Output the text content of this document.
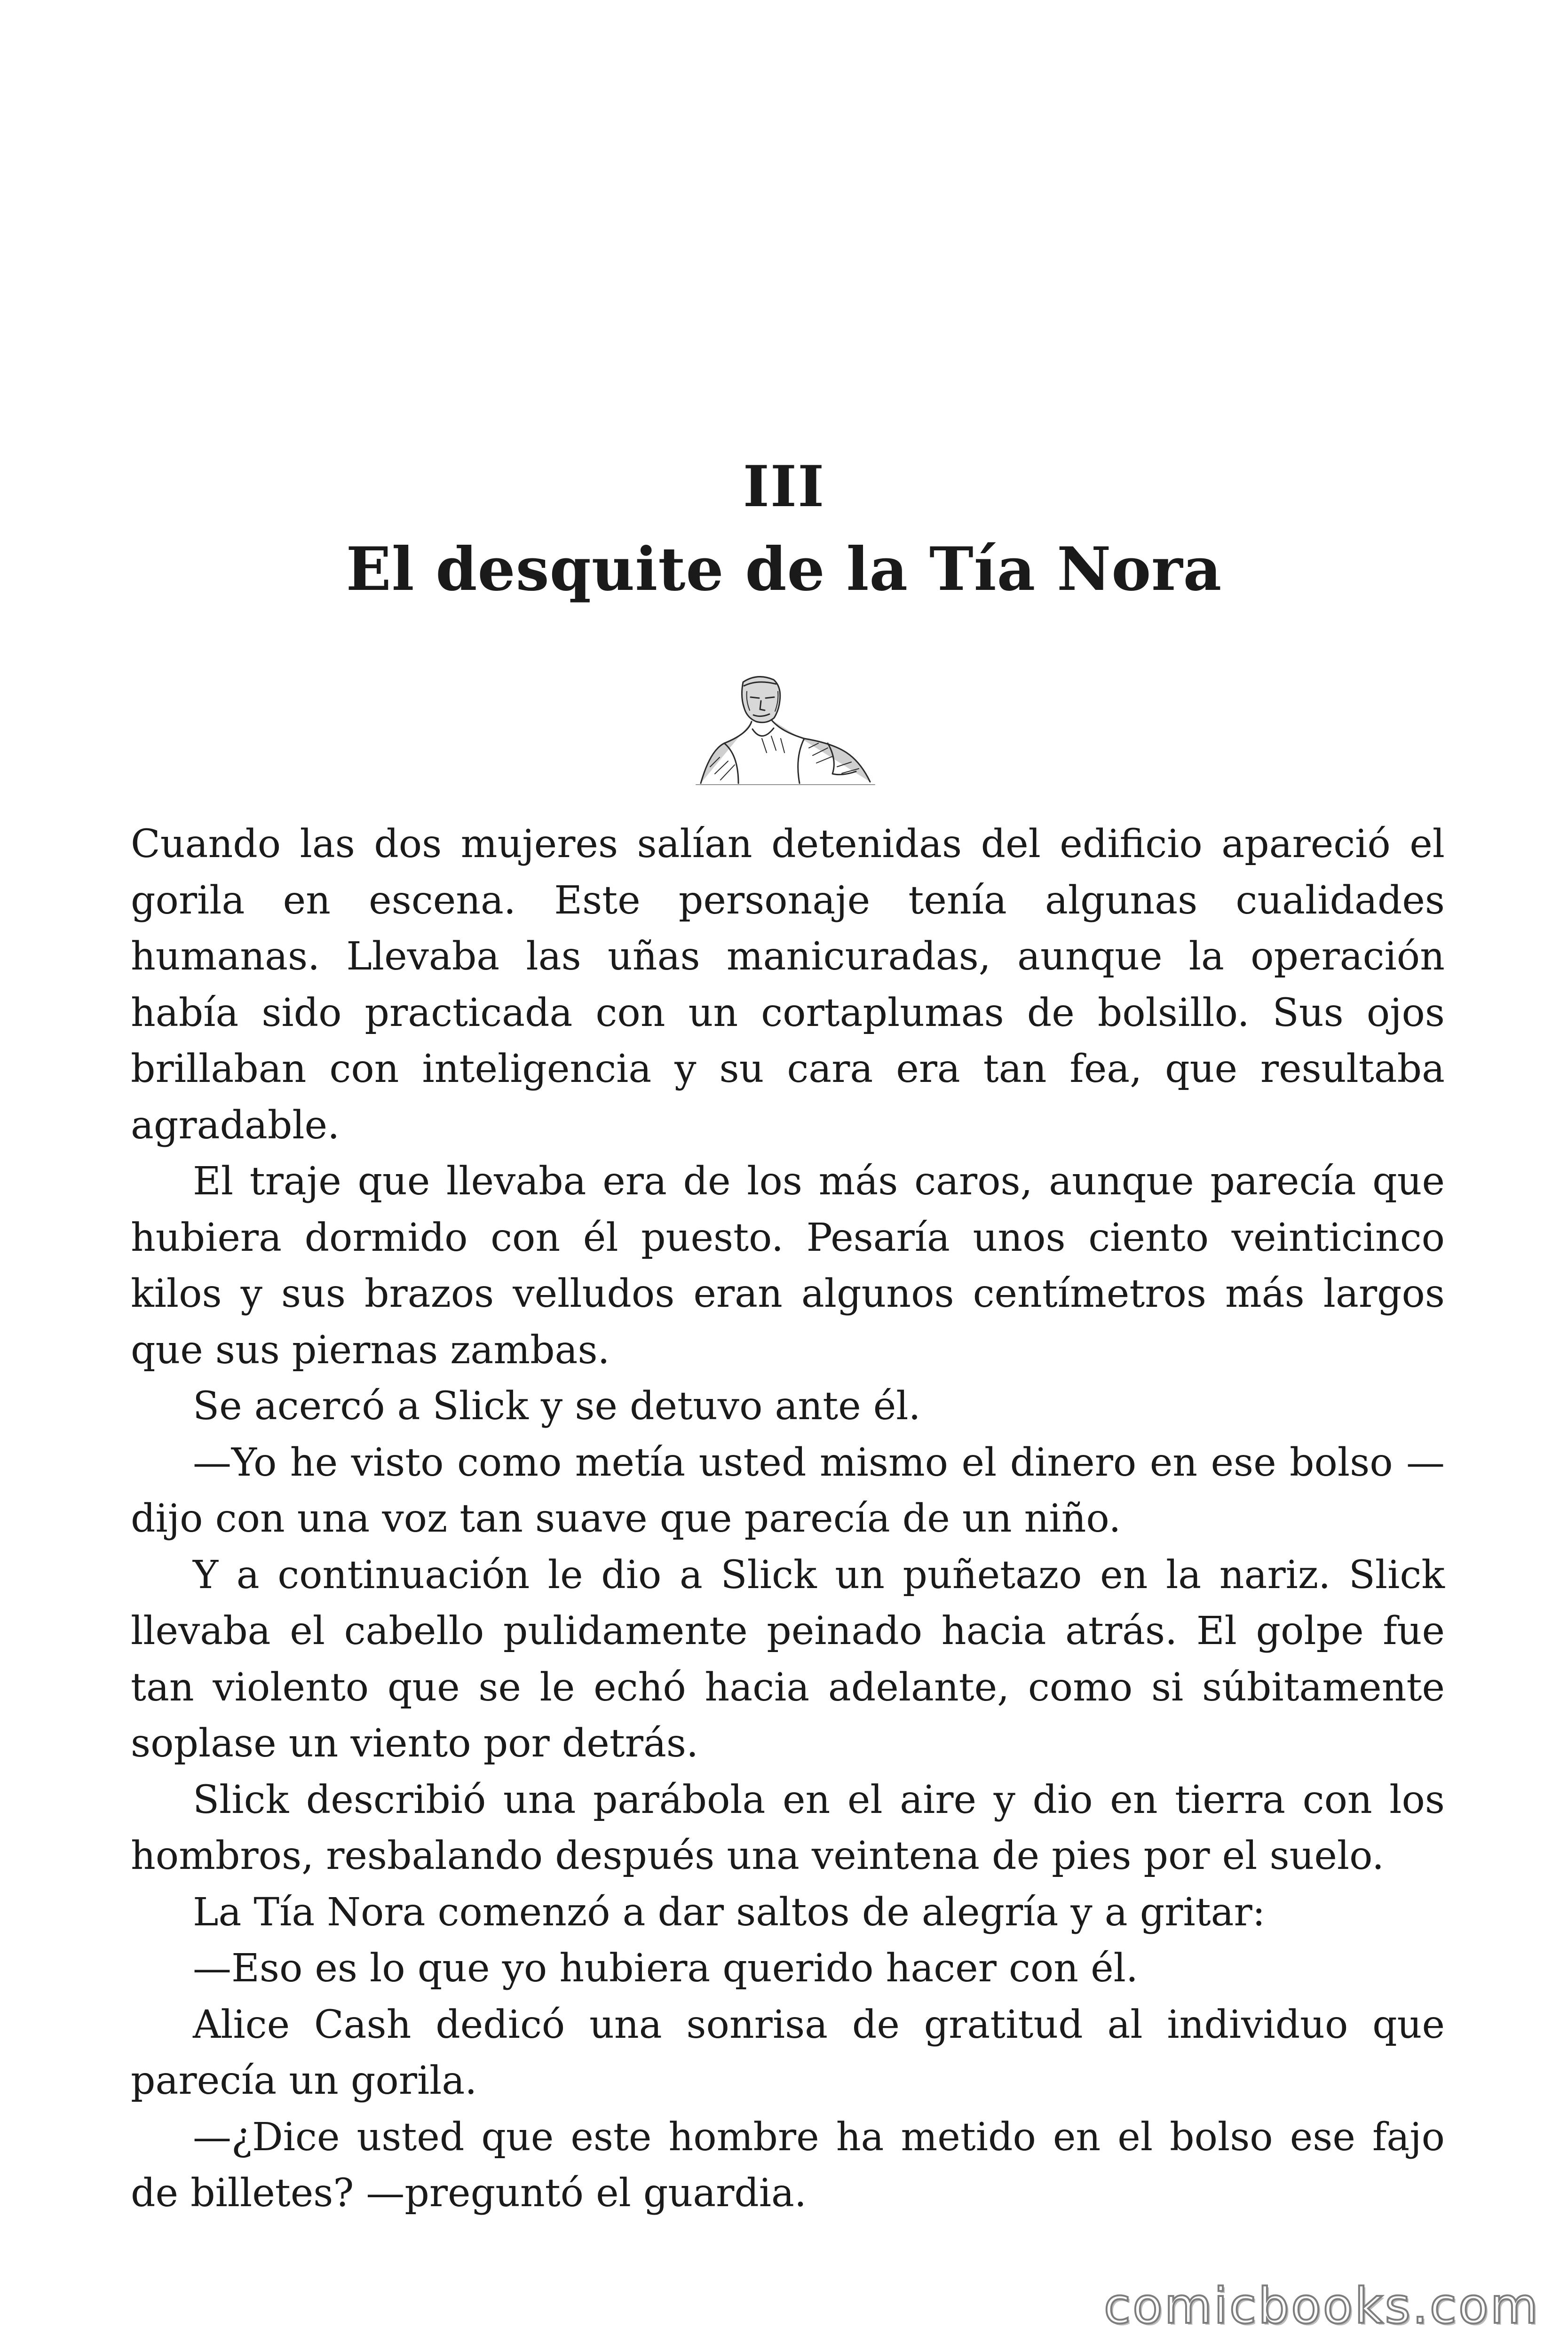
III
El desquite de la Tía Nora

Cuando las dos mujeres salían detenidas del edificio apareció el gorila en escena. Este personaje tenía algunas cualidades humanas. Llevaba las uñas manicuradas, aunque la operación había sido practicada con un cortaplumas de bolsillo. Sus ojos brillaban con inteligencia y su cara era tan fea, que resultaba agradable.

El traje que llevaba era de los más caros, aunque parecía que hubiera dormido con él puesto. Pesaría unos ciento veinticinco kilos y sus brazos velludos eran algunos centímetros más largos que sus piernas zambas.

Se acercó a Slick y se detuvo ante él.

—Yo he visto como metía usted mismo el dinero en ese bolso —dijo con una voz tan suave que parecía de un niño.

Y a continuación le dio a Slick un puñetazo en la nariz. Slick llevaba el cabello pulidamente peinado hacia atrás. El golpe fue tan violento que se le echó hacia adelante, como si súbitamente soplase un viento por detrás.

Slick describió una parábola en el aire y dio en tierra con los hombros, resbalando después una veintena de pies por el suelo.

La Tía Nora comenzó a dar saltos de alegría y a gritar:

—Eso es lo que yo hubiera querido hacer con él.

Alice Cash dedicó una sonrisa de gratitud al individuo que parecía un gorila.

—¿Dice usted que este hombre ha metido en el bolso ese fajo de billetes? —preguntó el guardia.

comicbooks.com
